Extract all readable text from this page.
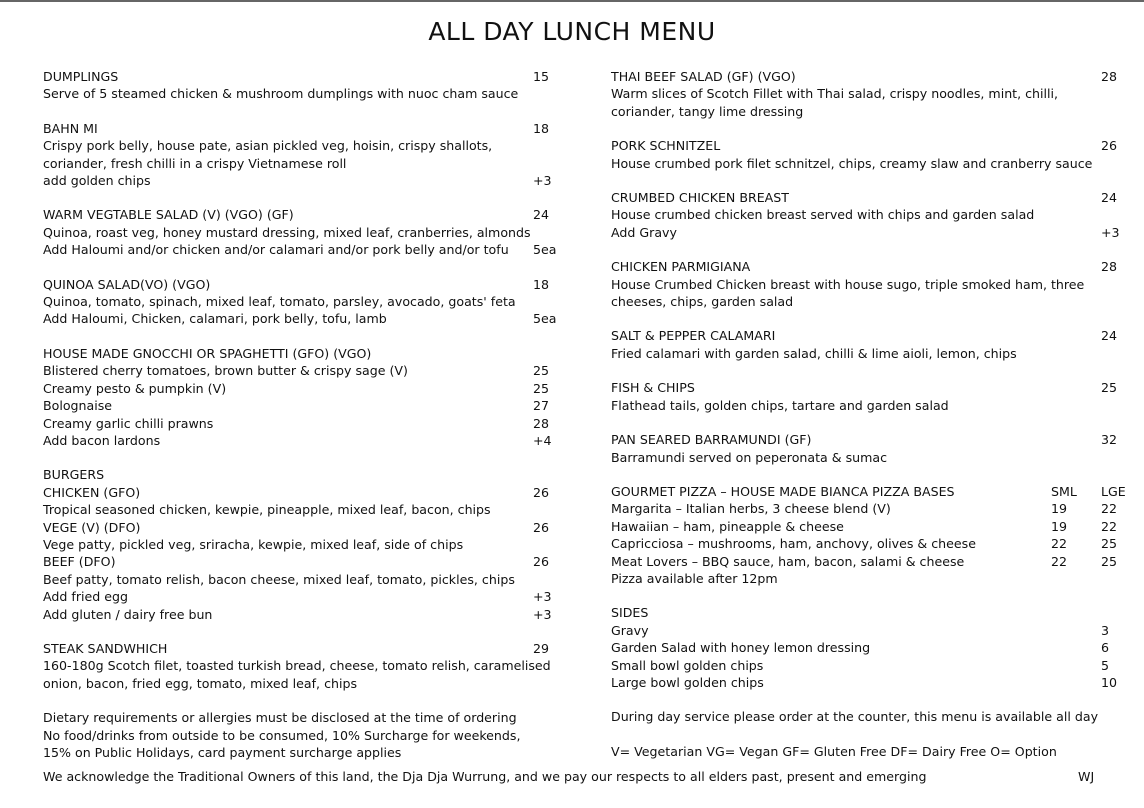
ALL DAY LUNCH MENU
DUMPLINGS	15
Serve of 5 steamed chicken & mushroom dumplings with nuoc cham sauce
BAHN MI	18
Crispy pork belly, house pate, asian pickled veg, hoisin, crispy shallots,
coriander, fresh chilli in a crispy Vietnamese roll
add golden chips	+3
WARM VEGTABLE SALAD (V) (VGO) (GF)	24
Quinoa, roast veg, honey mustard dressing, mixed leaf, cranberries, almonds
Add Haloumi and/or chicken and/or calamari and/or pork belly and/or tofu 5ea
QUINOA SALAD(VO) (VGO)	18
Quinoa, tomato, spinach, mixed leaf, tomato, parsley, avocado, goats' feta
Add Haloumi, Chicken, calamari, pork belly, tofu, lamb	5ea
HOUSE MADE GNOCCHI OR SPAGHETTI (GFO) (VGO)
Blistered cherry tomatoes, brown butter & crispy sage (V)	25
Creamy pesto & pumpkin (V)	25
Bolognaise	27
Creamy garlic chilli prawns	28
Add bacon lardons	+4
BURGERS
CHICKEN (GFO)	26
Tropical seasoned chicken, kewpie, pineapple, mixed leaf, bacon, chips
VEGE (V) (DFO)	26
Vege patty, pickled veg, sriracha, kewpie, mixed leaf, side of chips
BEEF (DFO)	26
Beef patty, tomato relish, bacon cheese, mixed leaf, tomato, pickles, chips
Add fried egg	+3
Add gluten / dairy free bun	+3
STEAK SANDWHICH	29
160-180g Scotch filet, toasted turkish bread, cheese, tomato relish, caramelised
onion, bacon, fried egg, tomato, mixed leaf, chips
Dietary requirements or allergies must be disclosed at the time of ordering
No food/drinks from outside to be consumed, 10% Surcharge for weekends,
15% on Public Holidays, card payment surcharge applies
THAI BEEF SALAD (GF) (VGO)	28
Warm slices of Scotch Fillet with Thai salad, crispy noodles, mint, chilli,
coriander, tangy lime dressing
PORK SCHNITZEL	26
House crumbed pork filet schnitzel, chips, creamy slaw and cranberry sauce
CRUMBED CHICKEN BREAST	24
House crumbed chicken breast served with chips and garden salad
Add Gravy	+3
CHICKEN PARMIGIANA	28
House Crumbed Chicken breast with house sugo, triple smoked ham, three
cheeses, chips, garden salad
SALT & PEPPER CALAMARI	24
Fried calamari with garden salad, chilli & lime aioli, lemon, chips
FISH & CHIPS	25
Flathead tails, golden chips, tartare and garden salad
PAN SEARED BARRAMUNDI (GF)	32
Barramundi served on peperonata & sumac
GOURMET PIZZA – HOUSE MADE BIANCA PIZZA BASES	SML LGE
Margarita – Italian herbs, 3 cheese blend (V)	19	22
Hawaiian – ham, pineapple & cheese	19	22
Capricciosa – mushrooms, ham, anchovy, olives & cheese	22	25
Meat Lovers – BBQ sauce, ham, bacon, salami & cheese	22	25
Pizza available after 12pm
SIDES
Gravy	3
Garden Salad with honey lemon dressing	6
Small bowl golden chips	5
Large bowl golden chips	10
During day service please order at the counter, this menu is available all day
V= Vegetarian VG= Vegan GF= Gluten Free DF= Dairy Free O= Option
We acknowledge the Traditional Owners of this land, the Dja Dja Wurrung, and we pay our respects to all elders past, present and emerging	WJ
